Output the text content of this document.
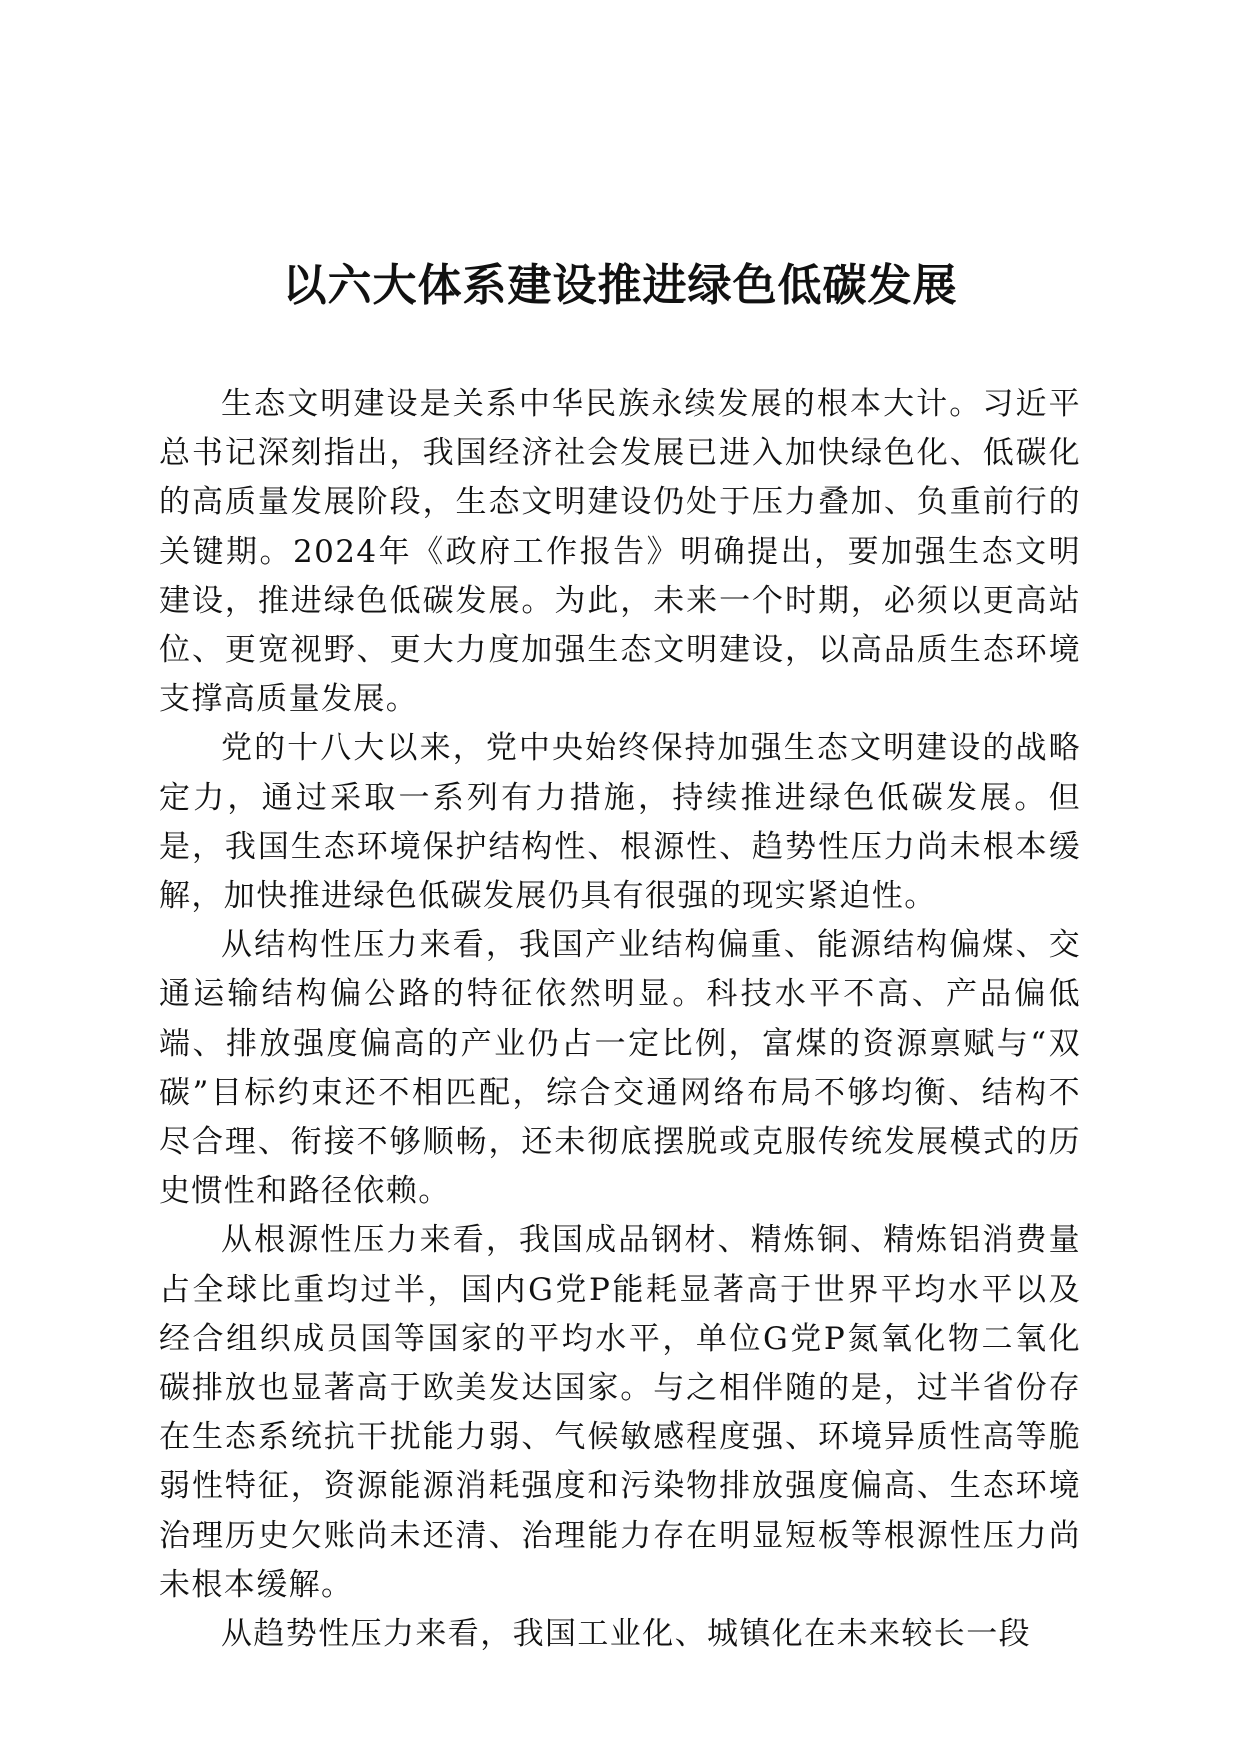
以六大体系建设推进绿色低碳发展

生态文明建设是关系中华民族永续发展的根本大计。习近平总书记深刻指出，我国经济社会发展已进入加快绿色化、低碳化的高质量发展阶段，生态文明建设仍处于压力叠加、负重前行的关键期。2024年《政府工作报告》明确提出，要加强生态文明建设，推进绿色低碳发展。为此，未来一个时期，必须以更高站位、更宽视野、更大力度加强生态文明建设，以高品质生态环境支撑高质量发展。

党的十八大以来，党中央始终保持加强生态文明建设的战略定力，通过采取一系列有力措施，持续推进绿色低碳发展。但是，我国生态环境保护结构性、根源性、趋势性压力尚未根本缓解，加快推进绿色低碳发展仍具有很强的现实紧迫性。

从结构性压力来看，我国产业结构偏重、能源结构偏煤、交通运输结构偏公路的特征依然明显。科技水平不高、产品偏低端、排放强度偏高的产业仍占一定比例，富煤的资源禀赋与“双碳”目标约束还不相匹配，综合交通网络布局不够均衡、结构不尽合理、衔接不够顺畅，还未彻底摆脱或克服传统发展模式的历史惯性和路径依赖。

从根源性压力来看，我国成品钢材、精炼铜、精炼铝消费量占全球比重均过半，国内G党P能耗显著高于世界平均水平以及经合组织成员国等国家的平均水平，单位G党P氮氧化物二氧化碳排放也显著高于欧美发达国家。与之相伴随的是，过半省份存在生态系统抗干扰能力弱、气候敏感程度强、环境异质性高等脆弱性特征，资源能源消耗强度和污染物排放强度偏高、生态环境治理历史欠账尚未还清、治理能力存在明显短板等根源性压力尚未根本缓解。

从趋势性压力来看，我国工业化、城镇化在未来较长一段
